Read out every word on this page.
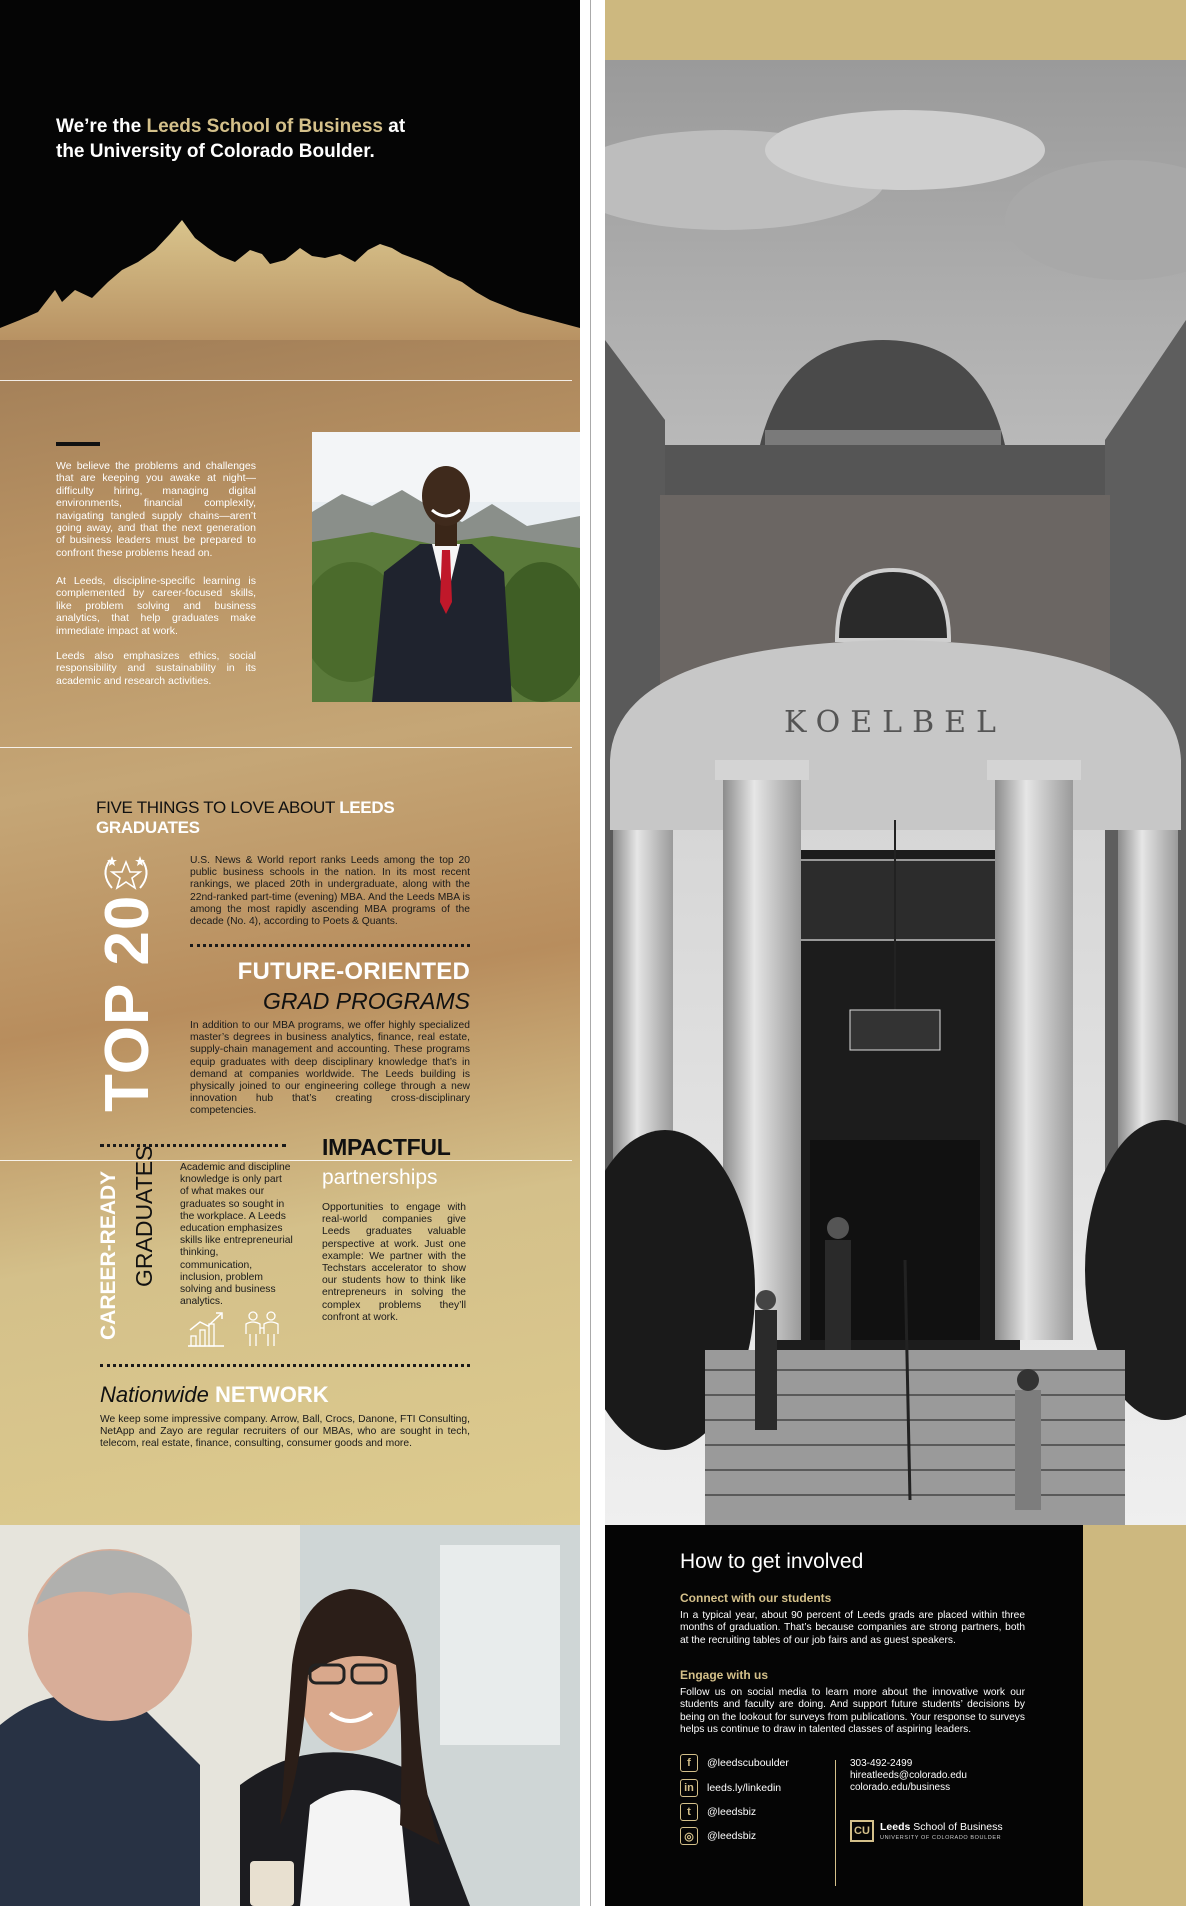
We’re the Leeds School of Business at
the University of Colorado Boulder.

We believe the problems and challenges that are keeping you awake at night—difficulty hiring, managing digital environments, financial complexity, navigating tangled supply chains—aren’t going away, and that the next generation of business leaders must be prepared to confront these problems head on.

At Leeds, discipline-specific learning is complemented by career-focused skills, like problem solving and business analytics, that help graduates make immediate impact at work.

Leeds also emphasizes ethics, social responsibility and sustainability in its academic and research activities.

FIVE THINGS TO LOVE ABOUT LEEDS GRADUATES
TOP 20

U.S. News & World report ranks Leeds among the top 20 public business schools in the nation. In its most recent rankings, we placed 20th in undergraduate, along with the 22nd-ranked part-time (evening) MBA. And the Leeds MBA is among the most rapidly ascending MBA programs of the decade (No. 4), according to Poets & Quants.

FUTURE-ORIENTED
GRAD PROGRAMS

In addition to our MBA programs, we offer highly specialized master’s degrees in business analytics, finance, real estate, supply-chain management and accounting. These programs equip graduates with deep disciplinary knowledge that’s in demand at companies worldwide. The Leeds building is physically joined to our engineering college through a new innovation hub that’s creating cross-disciplinary competencies.

CAREER-READY GRADUATES Academic and discipline knowledge is only part of what makes our graduates so sought in the workplace. A Leeds education emphasizes skills like entrepreneurial thinking, communication, inclusion, problem solving and business analytics.

IMPACTFUL
partnerships

Opportunities to engage with real-world companies give Leeds graduates valuable perspective at work. Just one example: We partner with the Techstars accelerator to show our students how to think like entrepreneurs in solving the complex problems they’ll confront at work.

Nationwide NETWORK

We keep some impressive company. Arrow, Ball, Crocs, Danone, FTI Consulting, NetApp and Zayo are regular recruiters of our MBAs, who are sought in tech, telecom, real estate, finance, consulting, consumer goods and more.

KOELBEL
How to get involved
Connect with our students

In a typical year, about 90 percent of Leeds grads are placed within three months of graduation. That’s because companies are strong partners, both at the recruiting tables of our job fairs and as guest speakers.

Engage with us

Follow us on social media to learn more about the innovative work our students and faculty are doing. And support future students’ decisions by being on the lookout for surveys from publications. Your response to surveys helps us continue to draw in talented classes of aspiring leaders.

f	@leedscuboulder
in	leeds.ly/linkedin
t	@leedsbiz
◎	@leedsbiz
303-492-2499
hireatleeds@colorado.edu
colorado.edu/business
CU Leeds School of Business
UNIVERSITY OF COLORADO BOULDER
